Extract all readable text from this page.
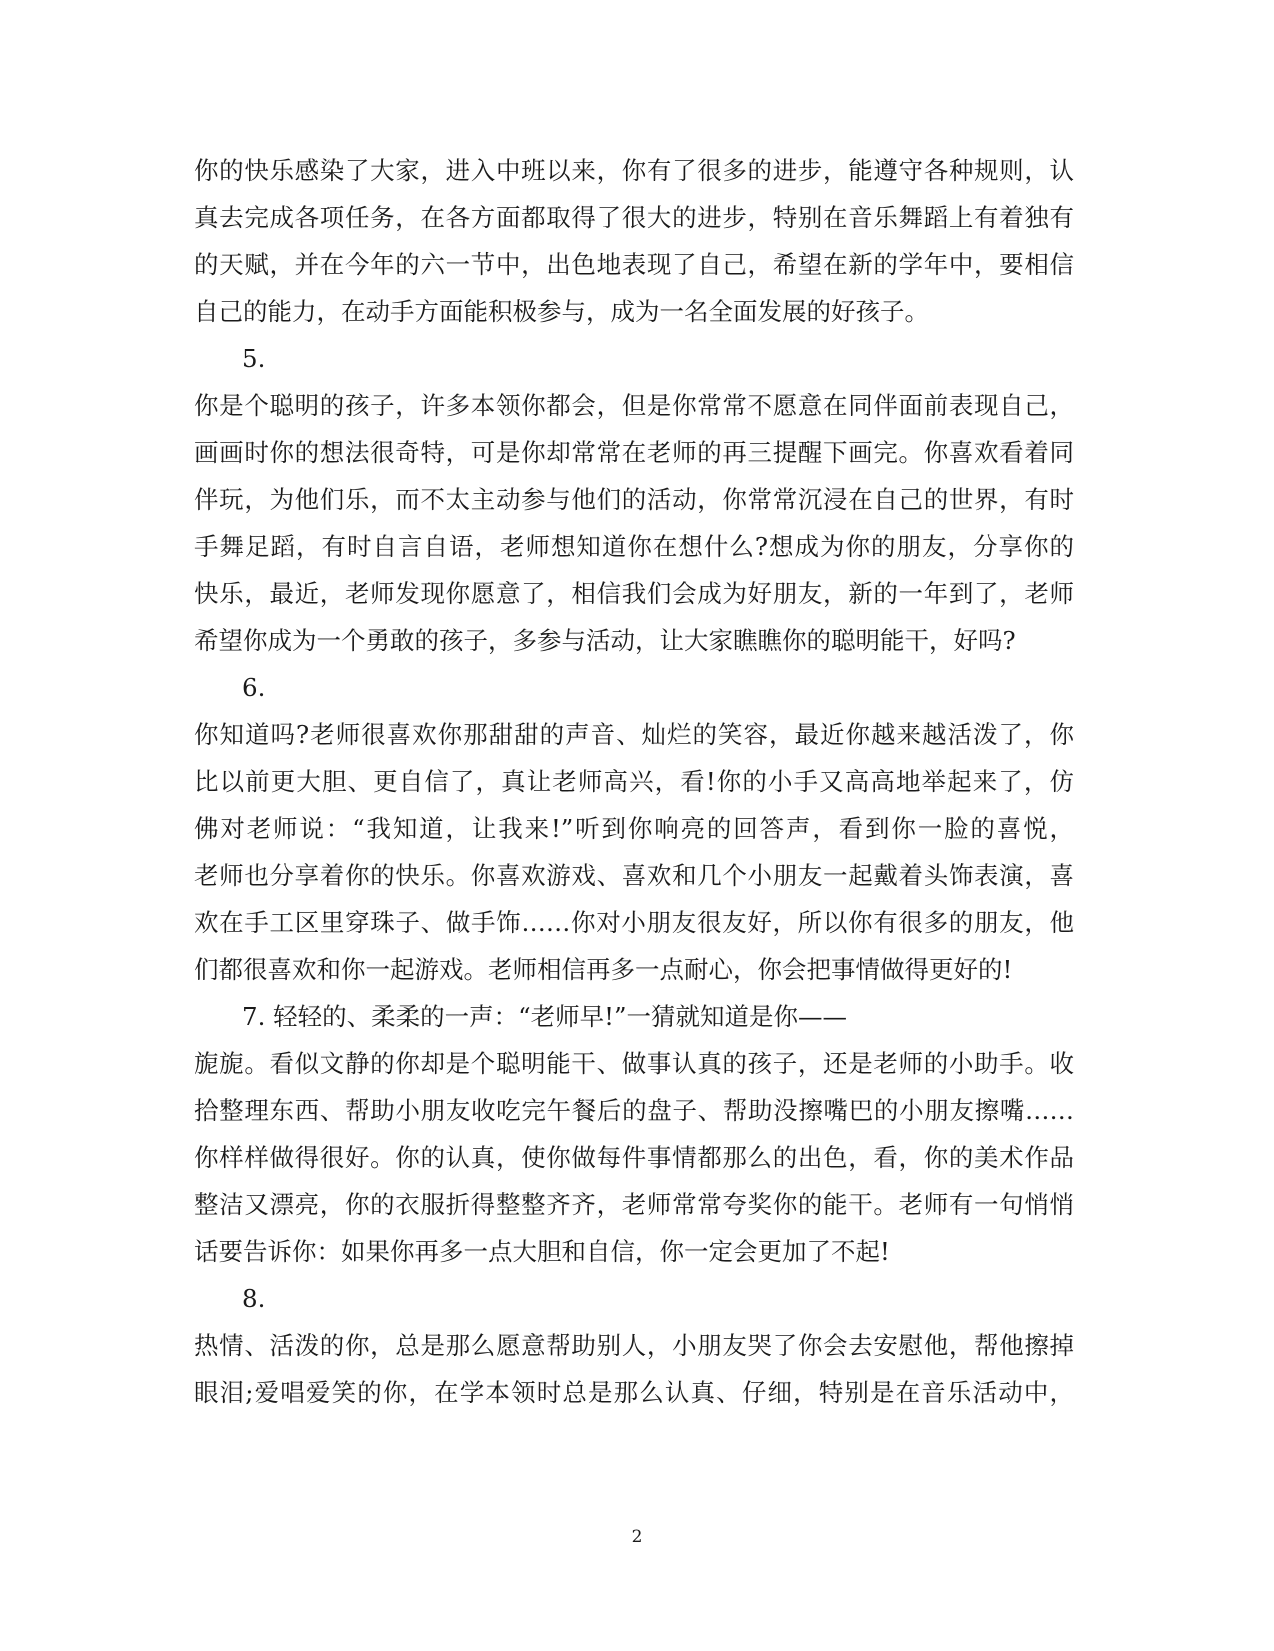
你的快乐感染了大家，进入中班以来，你有了很多的进步，能遵守各种规则，认
真去完成各项任务，在各方面都取得了很大的进步，特别在音乐舞蹈上有着独有
的天赋，并在今年的六一节中，出色地表现了自己，希望在新的学年中，要相信
自己的能力，在动手方面能积极参与，成为一名全面发展的好孩子。
5.
你是个聪明的孩子，许多本领你都会，但是你常常不愿意在同伴面前表现自己，
画画时你的想法很奇特，可是你却常常在老师的再三提醒下画完。你喜欢看着同
伴玩，为他们乐，而不太主动参与他们的活动，你常常沉浸在自己的世界，有时
手舞足蹈，有时自言自语，老师想知道你在想什么?想成为你的朋友，分享你的
快乐，最近，老师发现你愿意了，相信我们会成为好朋友，新的一年到了，老师
希望你成为一个勇敢的孩子，多参与活动，让大家瞧瞧你的聪明能干，好吗?
6.
你知道吗?老师很喜欢你那甜甜的声音、灿烂的笑容，最近你越来越活泼了，你
比以前更大胆、更自信了，真让老师高兴，看!你的小手又高高地举起来了，仿
佛对老师说：“我知道，让我来!”听到你响亮的回答声，看到你一脸的喜悦，
老师也分享着你的快乐。你喜欢游戏、喜欢和几个小朋友一起戴着头饰表演，喜
欢在手工区里穿珠子、做手饰……你对小朋友很友好，所以你有很多的朋友，他
们都很喜欢和你一起游戏。老师相信再多一点耐心，你会把事情做得更好的!
7. 轻轻的、柔柔的一声：“老师早!”一猜就知道是你——
旎旎。看似文静的你却是个聪明能干、做事认真的孩子，还是老师的小助手。收
拾整理东西、帮助小朋友收吃完午餐后的盘子、帮助没擦嘴巴的小朋友擦嘴……
你样样做得很好。你的认真，使你做每件事情都那么的出色，看，你的美术作品
整洁又漂亮，你的衣服折得整整齐齐，老师常常夸奖你的能干。老师有一句悄悄
话要告诉你：如果你再多一点大胆和自信，你一定会更加了不起!
8.
热情、活泼的你，总是那么愿意帮助别人，小朋友哭了你会去安慰他，帮他擦掉
眼泪;爱唱爱笑的你，在学本领时总是那么认真、仔细，特别是在音乐活动中，
2
